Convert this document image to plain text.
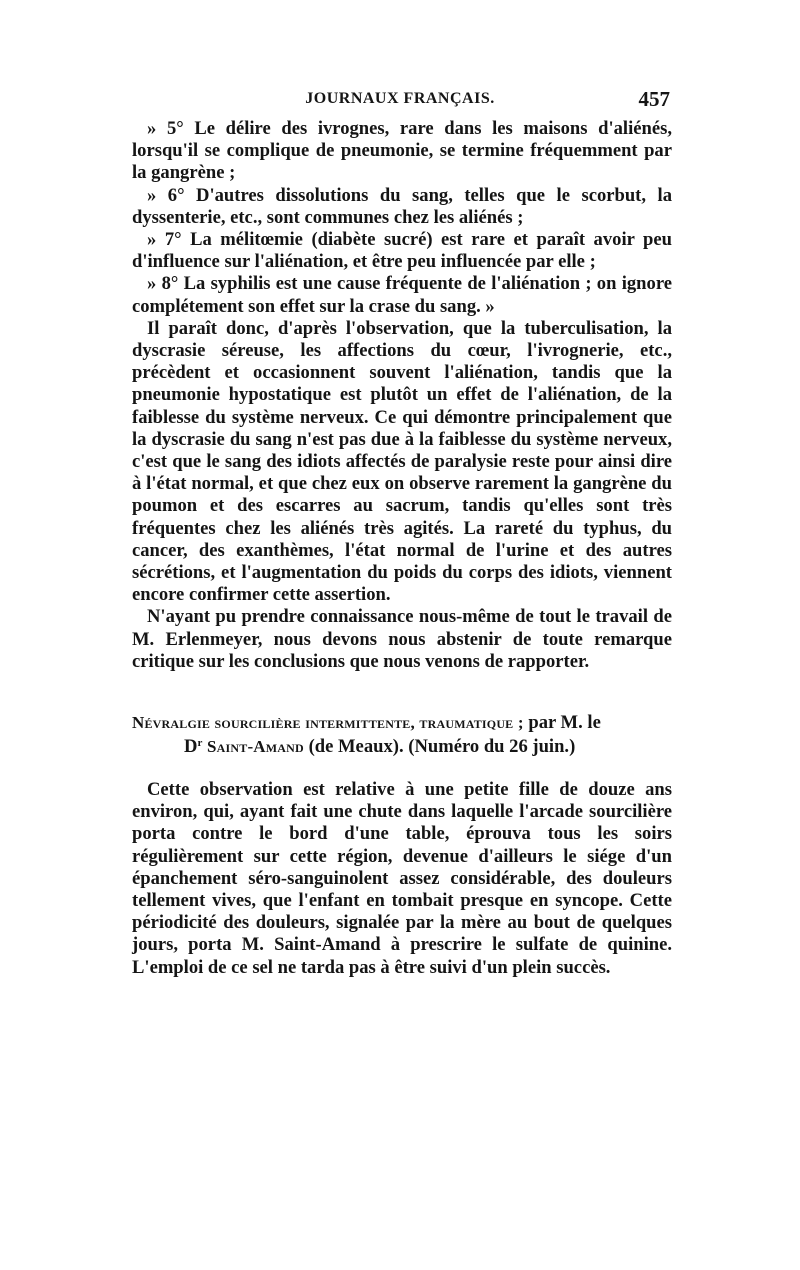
JOURNAUX FRANÇAIS.	457

» 5° Le délire des ivrognes, rare dans les maisons d'aliénés, lorsqu'il se complique de pneumonie, se termine fréquemment par la gangrène ;

» 6° D'autres dissolutions du sang, telles que le scorbut, la dyssenterie, etc., sont communes chez les aliénés ;

» 7° La mélitœmie (diabète sucré) est rare et paraît avoir peu d'influence sur l'aliénation, et être peu influencée par elle ;

» 8° La syphilis est une cause fréquente de l'aliénation ; on ignore complétement son effet sur la crase du sang. »

Il paraît donc, d'après l'observation, que la tuberculisation, la dyscrasie séreuse, les affections du cœur, l'ivrognerie, etc., précèdent et occasionnent souvent l'aliénation, tandis que la pneumonie hypostatique est plutôt un effet de l'aliénation, de la faiblesse du système nerveux. Ce qui démontre principalement que la dyscrasie du sang n'est pas due à la faiblesse du système nerveux, c'est que le sang des idiots affectés de paralysie reste pour ainsi dire à l'état normal, et que chez eux on observe rarement la gangrène du poumon et des escarres au sacrum, tandis qu'elles sont très fréquentes chez les aliénés très agités. La rareté du typhus, du cancer, des exanthèmes, l'état normal de l'urine et des autres sécrétions, et l'augmentation du poids du corps des idiots, viennent encore confirmer cette assertion.

N'ayant pu prendre connaissance nous-même de tout le travail de M. Erlenmeyer, nous devons nous abstenir de toute remarque critique sur les conclusions que nous venons de rapporter.

Névralgie sourcilière intermittente, traumatique ; par M. le
$D^r$ Saint-Amand (de Meaux). (Numéro du 26 juin.)

Cette observation est relative à une petite fille de douze ans environ, qui, ayant fait une chute dans laquelle l'arcade sourcilière porta contre le bord d'une table, éprouva tous les soirs régulièrement sur cette région, devenue d'ailleurs le siége d'un épanchement séro-sanguinolent assez considérable, des douleurs tellement vives, que l'enfant en tombait presque en syncope. Cette périodicité des douleurs, signalée par la mère au bout de quelques jours, porta M. Saint-Amand à prescrire le sulfate de quinine. L'emploi de ce sel ne tarda pas à être suivi d'un plein succès.
